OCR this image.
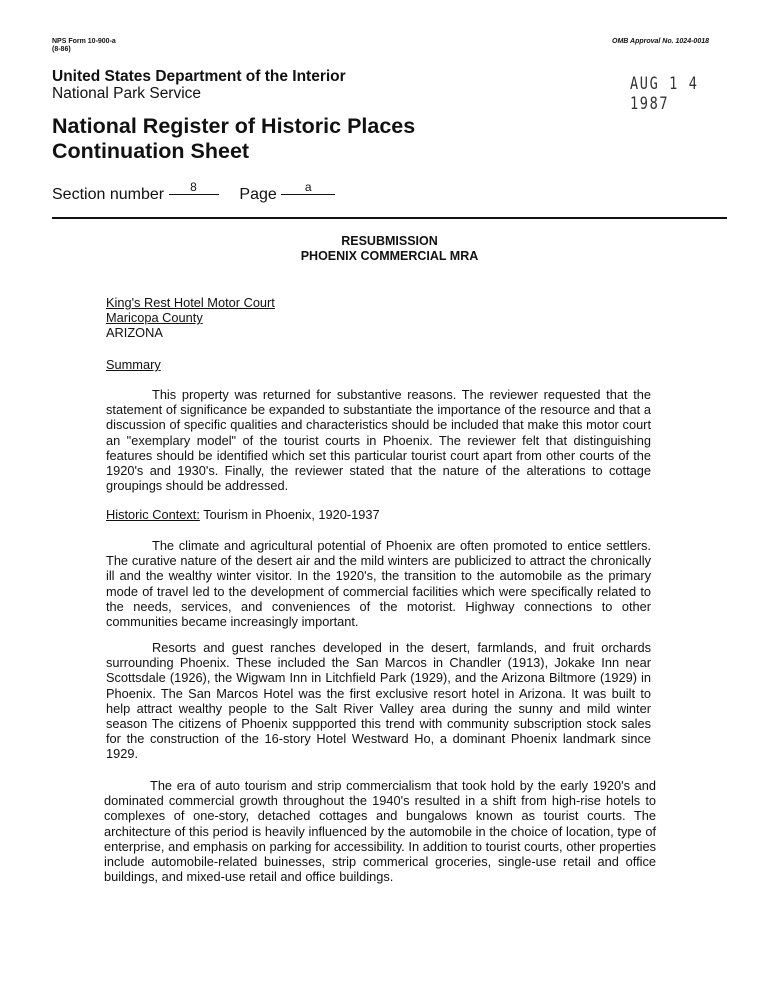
NPS Form 10-900-a
(8-86)
OMB Approval No. 1024-0018
AUG 1 4 1987
United States Department of the Interior
National Park Service
National Register of Historic Places
Continuation Sheet
Section number 8	Page a
RESUBMISSION
PHOENIX COMMERCIAL MRA
King's Rest Hotel Motor Court
Maricopa County
ARIZONA
Summary
This property was returned for substantive reasons. The reviewer requested that the statement of significance be expanded to substantiate the importance of the resource and that a discussion of specific qualities and characteristics should be included that make this motor court an "exemplary model" of the tourist courts in Phoenix. The reviewer felt that distinguishing features should be identified which set this particular tourist court apart from other courts of the 1920's and 1930's. Finally, the reviewer stated that the nature of the alterations to cottage groupings should be addressed.
Historic Context: Tourism in Phoenix, 1920-1937
The climate and agricultural potential of Phoenix are often promoted to entice settlers. The curative nature of the desert air and the mild winters are publicized to attract the chronically ill and the wealthy winter visitor. In the 1920's, the transition to the automobile as the primary mode of travel led to the development of commercial facilities which were specifically related to the needs, services, and conveniences of the motorist. Highway connections to other communities became increasingly important.
Resorts and guest ranches developed in the desert, farmlands, and fruit orchards surrounding Phoenix. These included the San Marcos in Chandler (1913), Jokake Inn near Scottsdale (1926), the Wigwam Inn in Litchfield Park (1929), and the Arizona Biltmore (1929) in Phoenix. The San Marcos Hotel was the first exclusive resort hotel in Arizona. It was built to help attract wealthy people to the Salt River Valley area during the sunny and mild winter season The citizens of Phoenix suppported this trend with community subscription stock sales for the construction of the 16-story Hotel Westward Ho, a dominant Phoenix landmark since 1929.
The era of auto tourism and strip commercialism that took hold by the early 1920's and dominated commercial growth throughout the 1940's resulted in a shift from high-rise hotels to complexes of one-story, detached cottages and bungalows known as tourist courts. The architecture of this period is heavily influenced by the automobile in the choice of location, type of enterprise, and emphasis on parking for accessibility. In addition to tourist courts, other properties include automobile-related buinesses, strip commerical groceries, single-use retail and office buildings, and mixed-use retail and office buildings.
